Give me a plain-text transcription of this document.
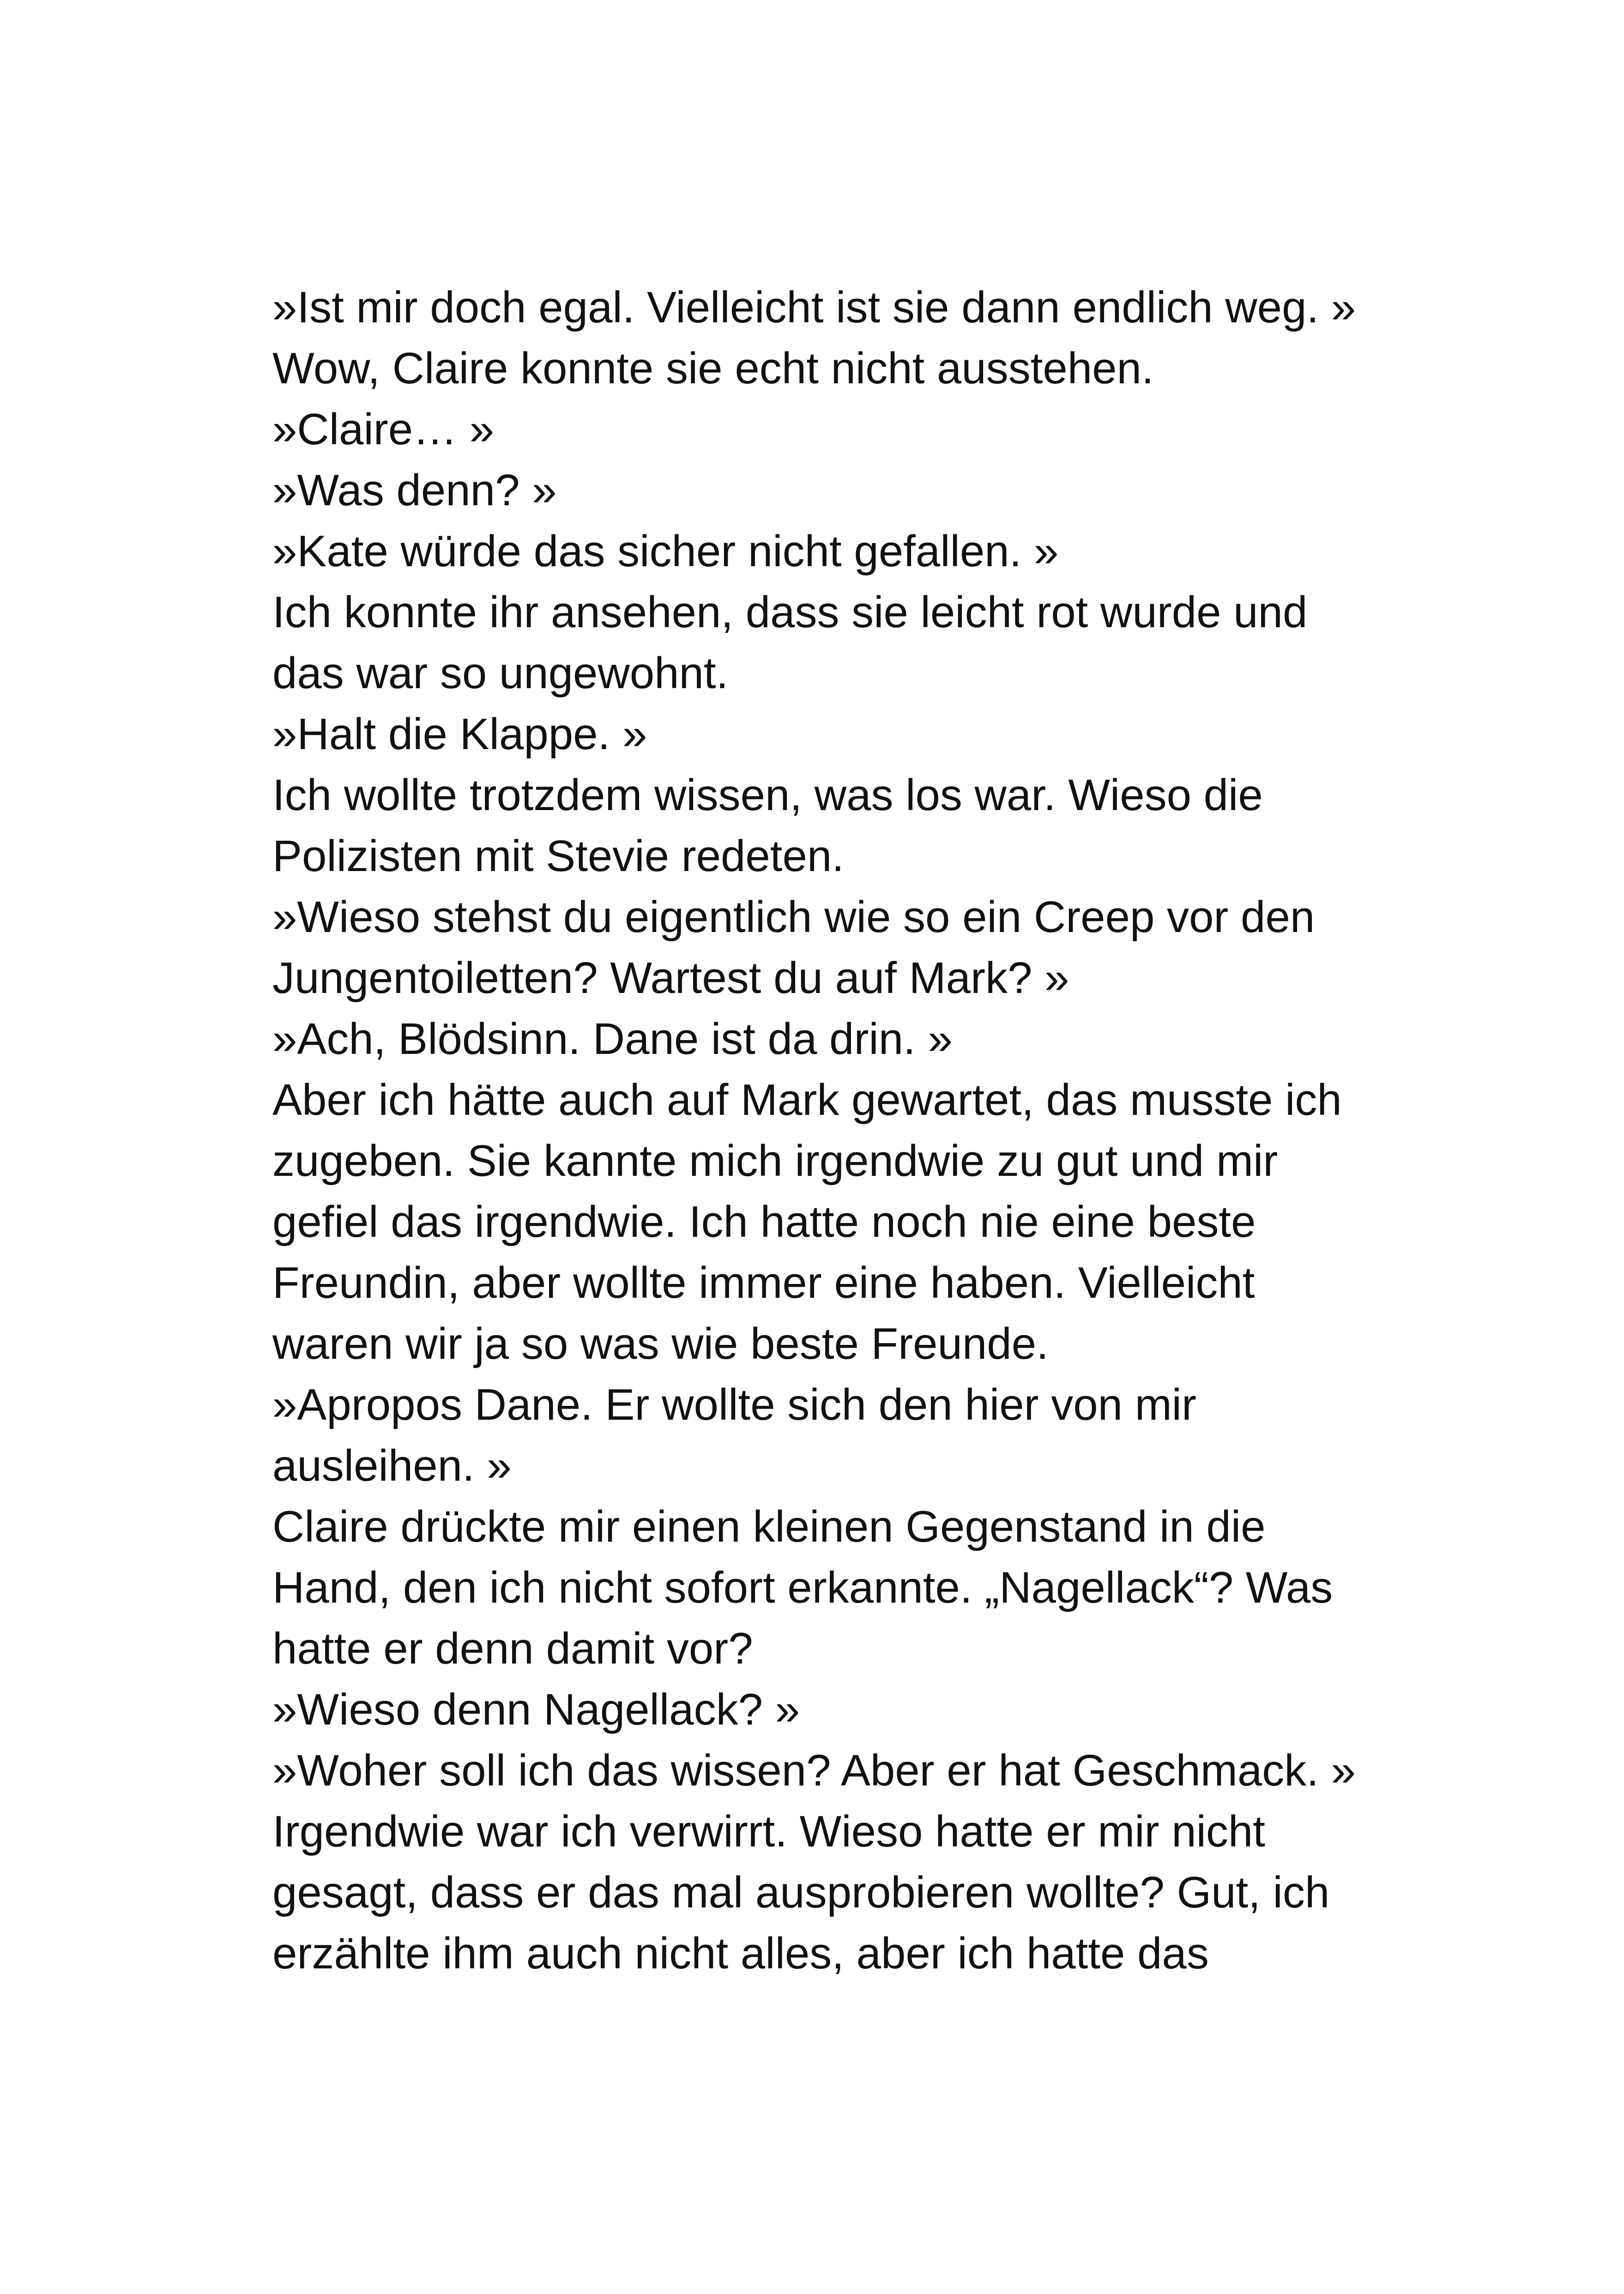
»Ist mir doch egal. Vielleicht ist sie dann endlich weg. »
Wow, Claire konnte sie echt nicht ausstehen.
»Claire… »
»Was denn? »
»Kate würde das sicher nicht gefallen. »
Ich konnte ihr ansehen, dass sie leicht rot wurde und
das war so ungewohnt.
»Halt die Klappe. »
Ich wollte trotzdem wissen, was los war. Wieso die
Polizisten mit Stevie redeten.
»Wieso stehst du eigentlich wie so ein Creep vor den
Jungentoiletten? Wartest du auf Mark? »
»Ach, Blödsinn. Dane ist da drin. »
Aber ich hätte auch auf Mark gewartet, das musste ich
zugeben. Sie kannte mich irgendwie zu gut und mir
gefiel das irgendwie. Ich hatte noch nie eine beste
Freundin, aber wollte immer eine haben. Vielleicht
waren wir ja so was wie beste Freunde.
»Apropos Dane. Er wollte sich den hier von mir
ausleihen. »
Claire drückte mir einen kleinen Gegenstand in die
Hand, den ich nicht sofort erkannte. „Nagellack“? Was
hatte er denn damit vor?
»Wieso denn Nagellack? »
»Woher soll ich das wissen? Aber er hat Geschmack. »
Irgendwie war ich verwirrt. Wieso hatte er mir nicht
gesagt, dass er das mal ausprobieren wollte? Gut, ich
erzählte ihm auch nicht alles, aber ich hatte das
